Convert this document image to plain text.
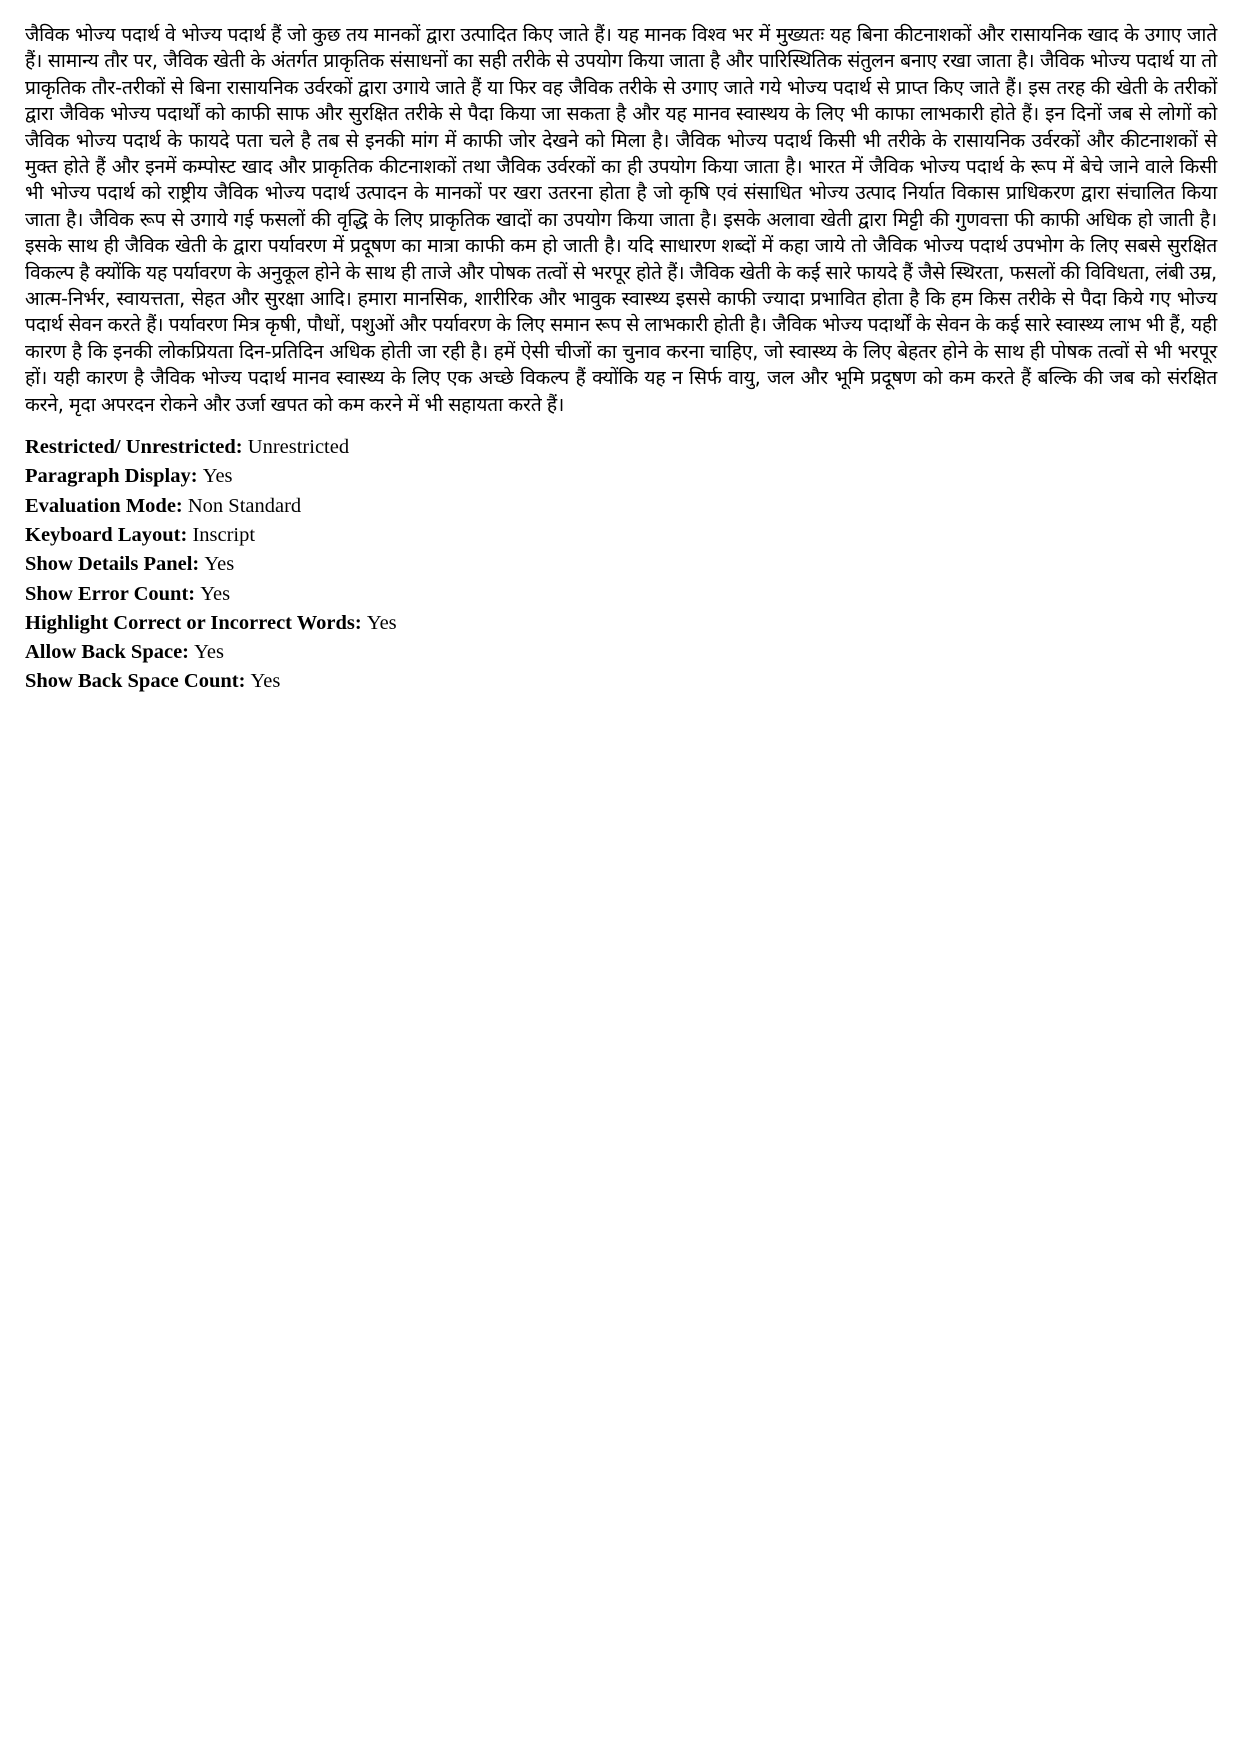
जैविक भोज्य पदार्थ वे भोज्य पदार्थ हैं जो कुछ तय मानकों द्वारा उत्पादित किए जाते हैं। यह मानक विश्व भर में मुख्यतः यह बिना कीटनाशकों और रासायनिक खाद के उगाए जाते हैं। सामान्य तौर पर, जैविक खेती के अंतर्गत प्राकृतिक संसाधनों का सही तरीके से उपयोग किया जाता है और पारिस्थितिक संतुलन बनाए रखा जाता है। जैविक भोज्य पदार्थ या तो प्राकृतिक तौर-तरीकों से बिना रासायनिक उर्वरकों द्वारा उगाये जाते हैं या फिर वह जैविक तरीके से उगाए जाते गये भोज्य पदार्थ से प्राप्त किए जाते हैं। इस तरह की खेती के तरीकों द्वारा जैविक भोज्य पदार्थों को काफी साफ और सुरक्षित तरीके से पैदा किया जा सकता है और यह मानव स्वास्थय के लिए भी काफा लाभकारी होते हैं। इन दिनों जब से लोगों को जैविक भोज्य पदार्थ के फायदे पता चले है तब से इनकी मांग में काफी जोर देखने को मिला है। जैविक भोज्य पदार्थ किसी भी तरीके के रासायनिक उर्वरकों और कीटनाशकों से मुक्त होते हैं और इनमें कम्पोस्ट खाद और प्राकृतिक कीटनाशकों तथा जैविक उर्वरकों का ही उपयोग किया जाता है। भारत में जैविक भोज्य पदार्थ के रूप में बेचे जाने वाले किसी भी भोज्य पदार्थ को राष्ट्रीय जैविक भोज्य पदार्थ उत्पादन के मानकों पर खरा उतरना होता है जो कृषि एवं संसाधित भोज्य उत्पाद निर्यात विकास प्राधिकरण द्वारा संचालित किया जाता है। जैविक रूप से उगाये गई फसलों की वृद्धि के लिए प्राकृतिक खादों का उपयोग किया जाता है। इसके अलावा खेती द्वारा मिट्टी की गुणवत्ता फी काफी अधिक हो जाती है। इसके साथ ही जैविक खेती के द्वारा पर्यावरण में प्रदूषण का मात्रा काफी कम हो जाती है। यदि साधारण शब्दों में कहा जाये तो जैविक भोज्य पदार्थ उपभोग के लिए सबसे सुरक्षित विकल्प है क्योंकि यह पर्यावरण के अनुकूल होने के साथ ही ताजे और पोषक तत्वों से भरपूर होते हैं। जैविक खेती के कई सारे फायदे हैं जैसे स्थिरता, फसलों की विविधता, लंबी उम्र, आत्म-निर्भर, स्वायत्तता, सेहत और सुरक्षा आदि। हमारा मानसिक, शारीरिक और भावुक स्वास्थ्य इससे काफी ज्यादा प्रभावित होता है कि हम किस तरीके से पैदा किये गए भोज्य पदार्थ सेवन करते हैं। पर्यावरण मित्र कृषी, पौधों, पशुओं और पर्यावरण के लिए समान रूप से लाभकारी होती है। जैविक भोज्य पदार्थों के सेवन के कई सारे स्वास्थ्य लाभ भी हैं, यही कारण है कि इनकी लोकप्रियता दिन-प्रतिदिन अधिक होती जा रही है। हमें ऐसी चीजों का चुनाव करना चाहिए, जो स्वास्थ्य के लिए बेहतर होने के साथ ही पोषक तत्वों से भी भरपूर हों। यही कारण है जैविक भोज्य पदार्थ मानव स्वास्थ्य के लिए एक अच्छे विकल्प हैं क्योंकि यह न सिर्फ वायु, जल और भूमि प्रदूषण को कम करते हैं बल्कि की जब को संरक्षित करने, मृदा अपरदन रोकने और उर्जा खपत को कम करने में भी सहायता करते हैं।

Restricted/ Unrestricted: Unrestricted
Paragraph Display: Yes
Evaluation Mode: Non Standard
Keyboard Layout: Inscript
Show Details Panel: Yes
Show Error Count: Yes
Highlight Correct or Incorrect Words: Yes
Allow Back Space: Yes
Show Back Space Count: Yes
